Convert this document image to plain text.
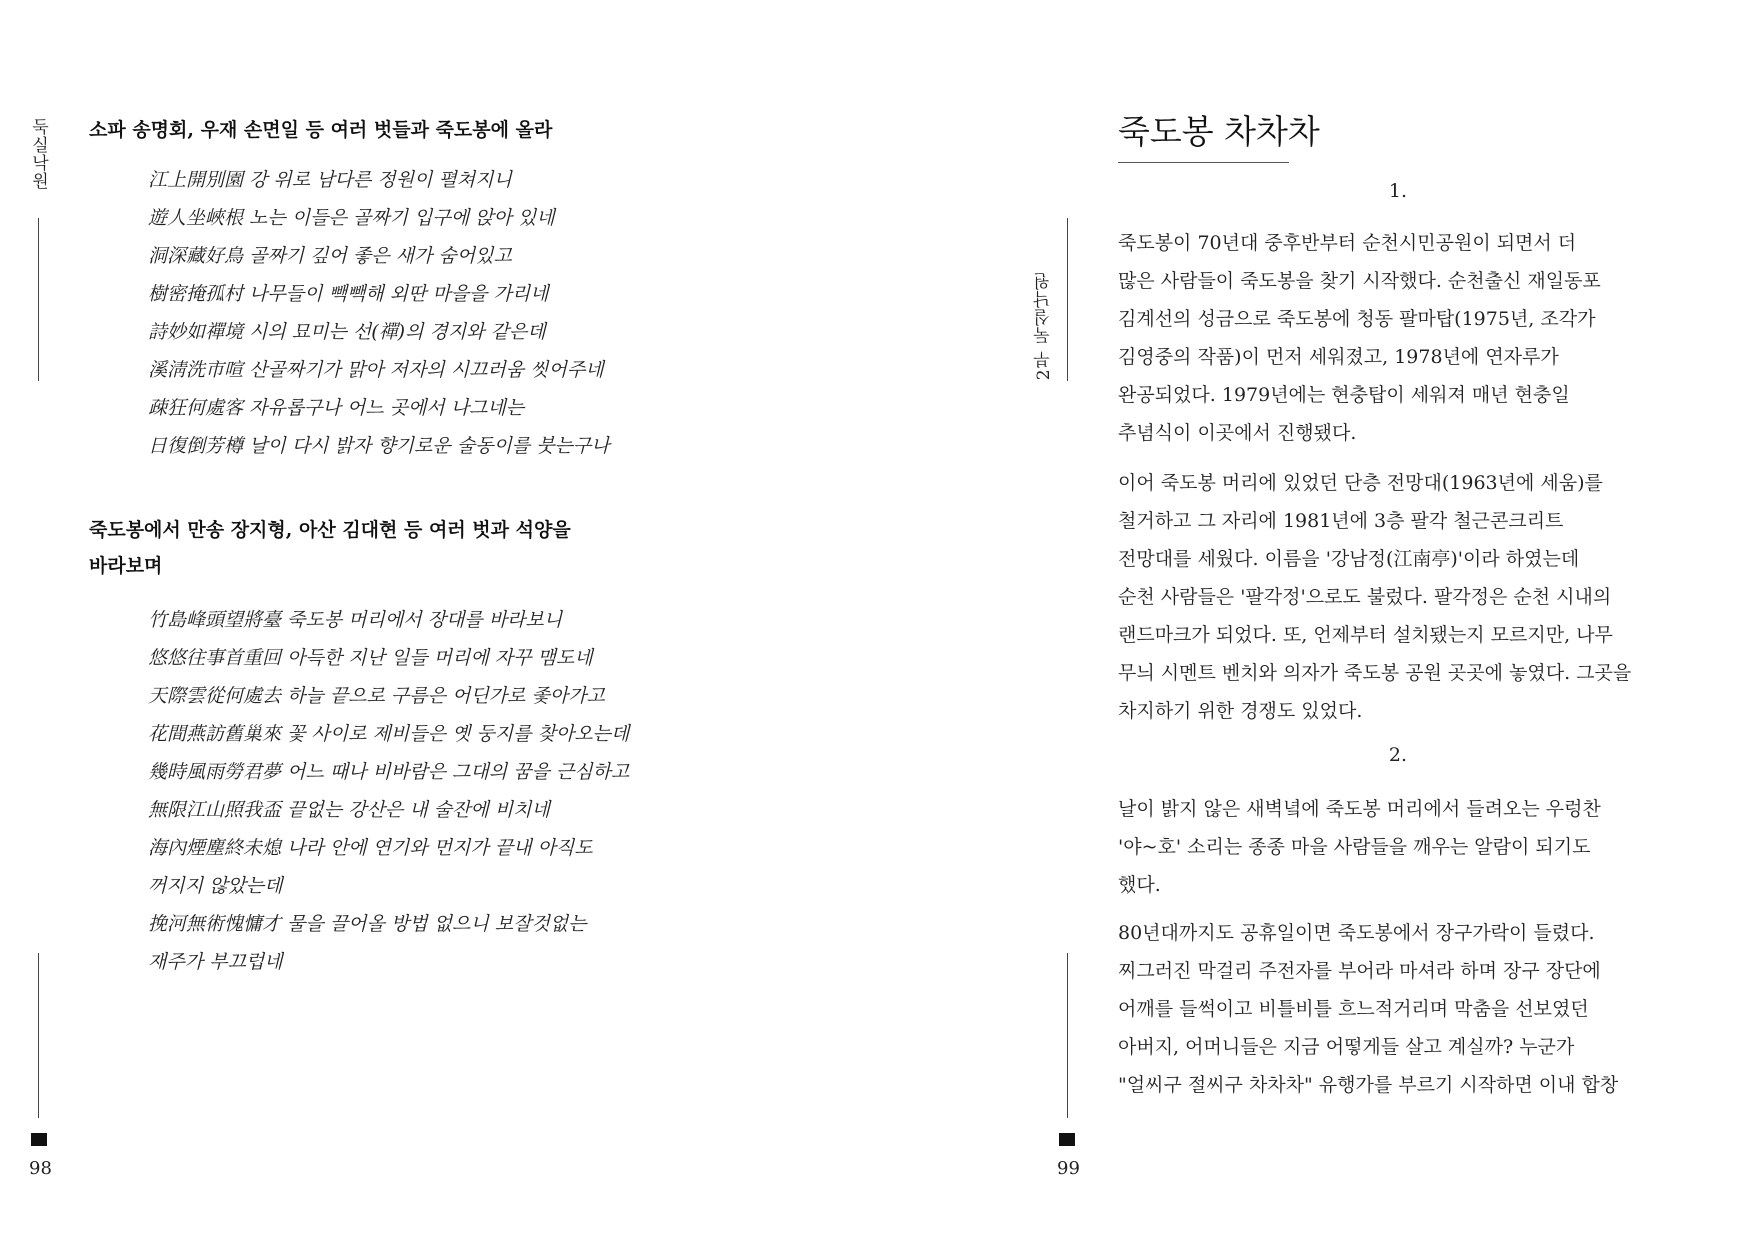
둑실낙원
98
소파 송명회, 우재 손면일 등 여러 벗들과 죽도봉에 올라
江上開別園 강 위로 남다른 정원이 펼쳐지니
遊人坐峽根 노는 이들은 골짜기 입구에 앉아 있네
洞深藏好鳥 골짜기 깊어 좋은 새가 숨어있고
樹密掩孤村 나무들이 빽빽해 외딴 마을을 가리네
詩妙如禪境 시의 묘미는 선(禪)의 경지와 같은데
溪淸洗市喧 산골짜기가 맑아 저자의 시끄러움 씻어주네
疎狂何處客 자유롭구나 어느 곳에서 나그네는
日復倒芳樽 날이 다시 밝자 향기로운 술동이를 붓는구나
죽도봉에서 만송 장지형, 아산 김대현 등 여러 벗과 석양을
바라보며
竹島峰頭望將臺 죽도봉 머리에서 장대를 바라보니
悠悠往事首重回 아득한 지난 일들 머리에 자꾸 맴도네
天際雲從何處去 하늘 끝으로 구름은 어딘가로 좇아가고
花間燕訪舊巢來 꽃 사이로 제비들은 옛 둥지를 찾아오는데
幾時風雨勞君夢 어느 때나 비바람은 그대의 꿈을 근심하고
無限江山照我盃 끝없는 강산은 내 술잔에 비치네
海內煙塵終未熄 나라 안에 연기와 먼지가 끝내 아직도
꺼지지 않았는데
挽河無術愧慵才 물을 끌어올 방법 없으니 보잘것없는
재주가 부끄럽네
2부 둑실낙원
99
죽도봉 차차차
1.
죽도봉이 70년대 중후반부터 순천시민공원이 되면서 더
많은 사람들이 죽도봉을 찾기 시작했다. 순천출신 재일동포
김계선의 성금으로 죽도봉에 청동 팔마탑(1975년, 조각가
김영중의 작품)이 먼저 세워졌고, 1978년에 연자루가
완공되었다. 1979년에는 현충탑이 세워져 매년 현충일
추념식이 이곳에서 진행됐다.
이어 죽도봉 머리에 있었던 단층 전망대(1963년에 세움)를
철거하고 그 자리에 1981년에 3층 팔각 철근콘크리트
전망대를 세웠다. 이름을 '강남정(江南亭)'이라 하였는데
순천 사람들은 '팔각정'으로도 불렀다. 팔각정은 순천 시내의
랜드마크가 되었다. 또, 언제부터 설치됐는지 모르지만, 나무
무늬 시멘트 벤치와 의자가 죽도봉 공원 곳곳에 놓였다. 그곳을
차지하기 위한 경쟁도 있었다.
2.
날이 밝지 않은 새벽녘에 죽도봉 머리에서 들려오는 우렁찬
'야~호' 소리는 종종 마을 사람들을 깨우는 알람이 되기도
했다.
80년대까지도 공휴일이면 죽도봉에서 장구가락이 들렸다.
찌그러진 막걸리 주전자를 부어라 마셔라 하며 장구 장단에
어깨를 들썩이고 비틀비틀 흐느적거리며 막춤을 선보였던
아버지, 어머니들은 지금 어떻게들 살고 계실까? 누군가
"얼씨구 절씨구 차차차" 유행가를 부르기 시작하면 이내 합창
